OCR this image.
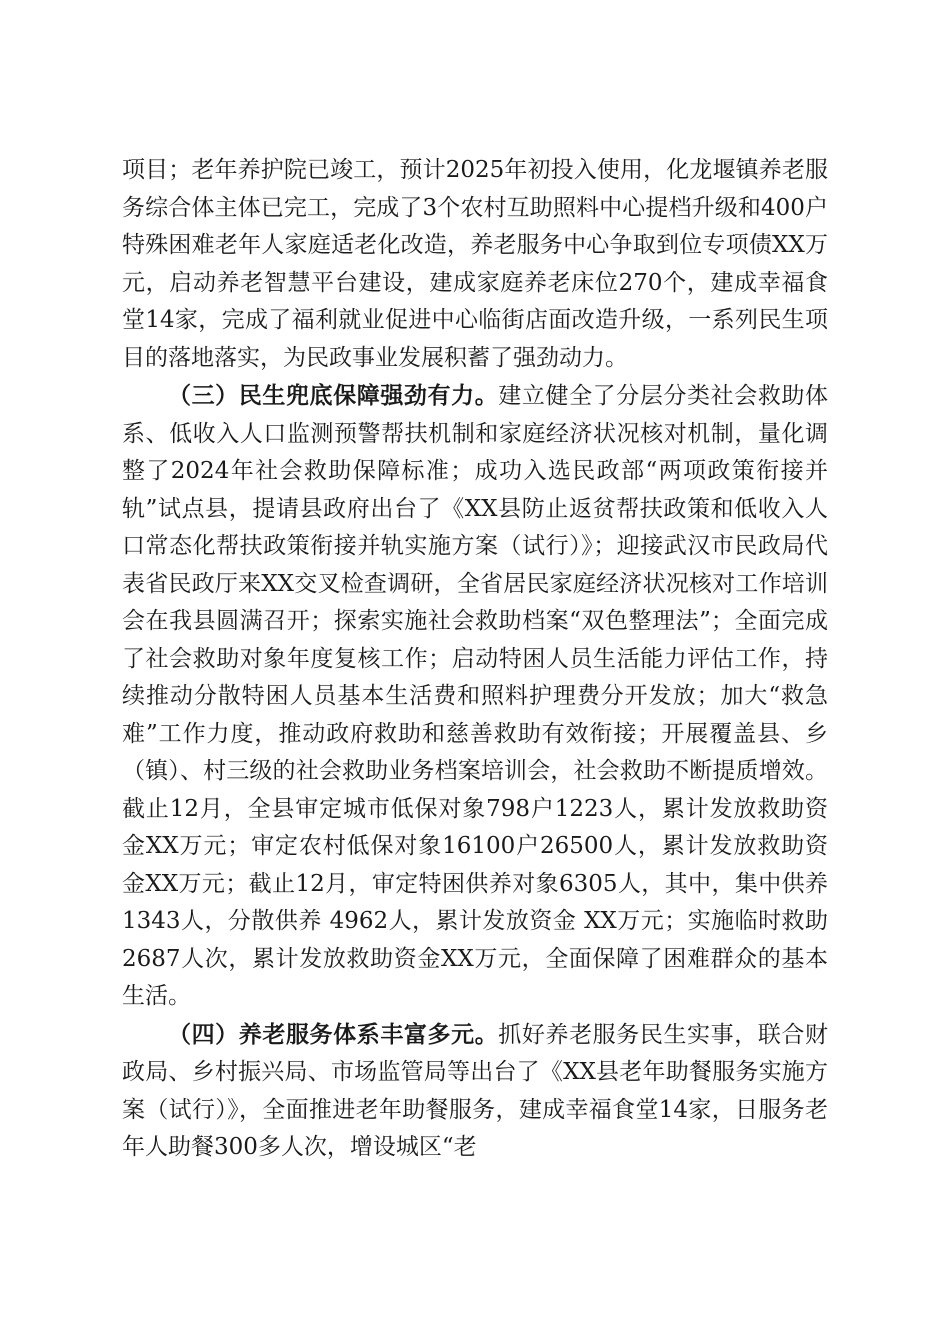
项目；老年养护院已竣工，预计2025年初投入使用，化龙堰镇养老服务综合体主体已完工，完成了3个农村互助照料中心提档升级和400户特殊困难老年人家庭适老化改造，养老服务中心争取到位专项债XX万元，启动养老智慧平台建设，建成家庭养老床位270个，建成幸福食堂14家，完成了福利就业促进中心临街店面改造升级，一系列民生项目的落地落实，为民政事业发展积蓄了强劲动力。

（三）民生兜底保障强劲有力。建立健全了分层分类社会救助体系、低收入人口监测预警帮扶机制和家庭经济状况核对机制，量化调整了2024年社会救助保障标准；成功入选民政部“两项政策衔接并轨”试点县，提请县政府出台了《XX县防止返贫帮扶政策和低收入人口常态化帮扶政策衔接并轨实施方案（试行）》；迎接武汉市民政局代表省民政厅来XX交叉检查调研，全省居民家庭经济状况核对工作培训会在我县圆满召开；探索实施社会救助档案“双色整理法”；全面完成了社会救助对象年度复核工作；启动特困人员生活能力评估工作，持续推动分散特困人员基本生活费和照料护理费分开发放；加大“救急难”工作力度，推动政府救助和慈善救助有效衔接；开展覆盖县、乡（镇）、村三级的社会救助业务档案培训会，社会救助不断提质增效。截止12月，全县审定城市低保对象798户1223人，累计发放救助资金XX万元；审定农村低保对象16100户26500人，累计发放救助资金XX万元；截止12月，审定特困供养对象6305人，其中，集中供养1343人，分散供养 4962人，累计发放资金 XX万元；实施临时救助2687人次，累计发放救助资金XX万元，全面保障了困难群众的基本生活。

（四）养老服务体系丰富多元。抓好养老服务民生实事，联合财政局、乡村振兴局、市场监管局等出台了《XX县老年助餐服务实施方案（试行）》，全面推进老年助餐服务，建成幸福食堂14家，日服务老年人助餐300多人次，增设城区“老
